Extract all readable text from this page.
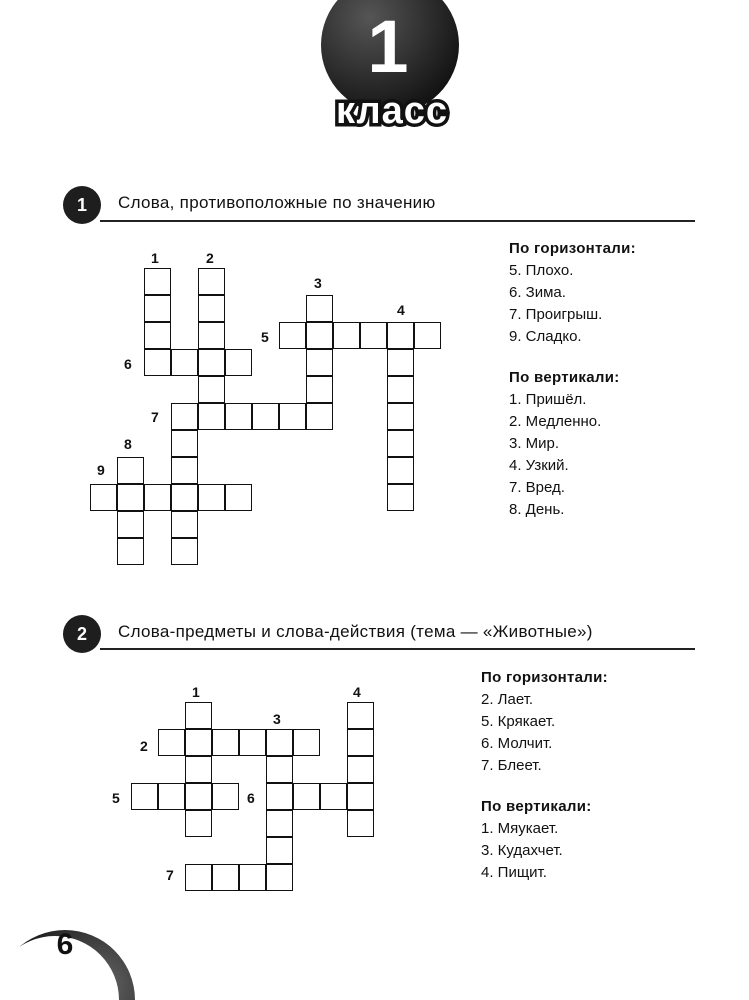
1
класс
1	Слова, противоположные по значению
1	2
3
4
5
6
7
8
9
По горизонтали:
5. Плохо.
6. Зима.
7. Проигрыш.
9. Сладко.
По вертикали:
1. Пришёл.
2. Медленно.
3. Мир.
4. Узкий.
7. Вред.
8. День.
2	Слова-предметы и слова-действия (тема — «Животные»)
1
2
3
4
5	6
7
По горизонтали:
2. Лает.
5. Крякает.
6. Молчит.
7. Блеет.
По вертикали:
1. Мяукает.
3. Кудахчет.
4. Пищит.
6
